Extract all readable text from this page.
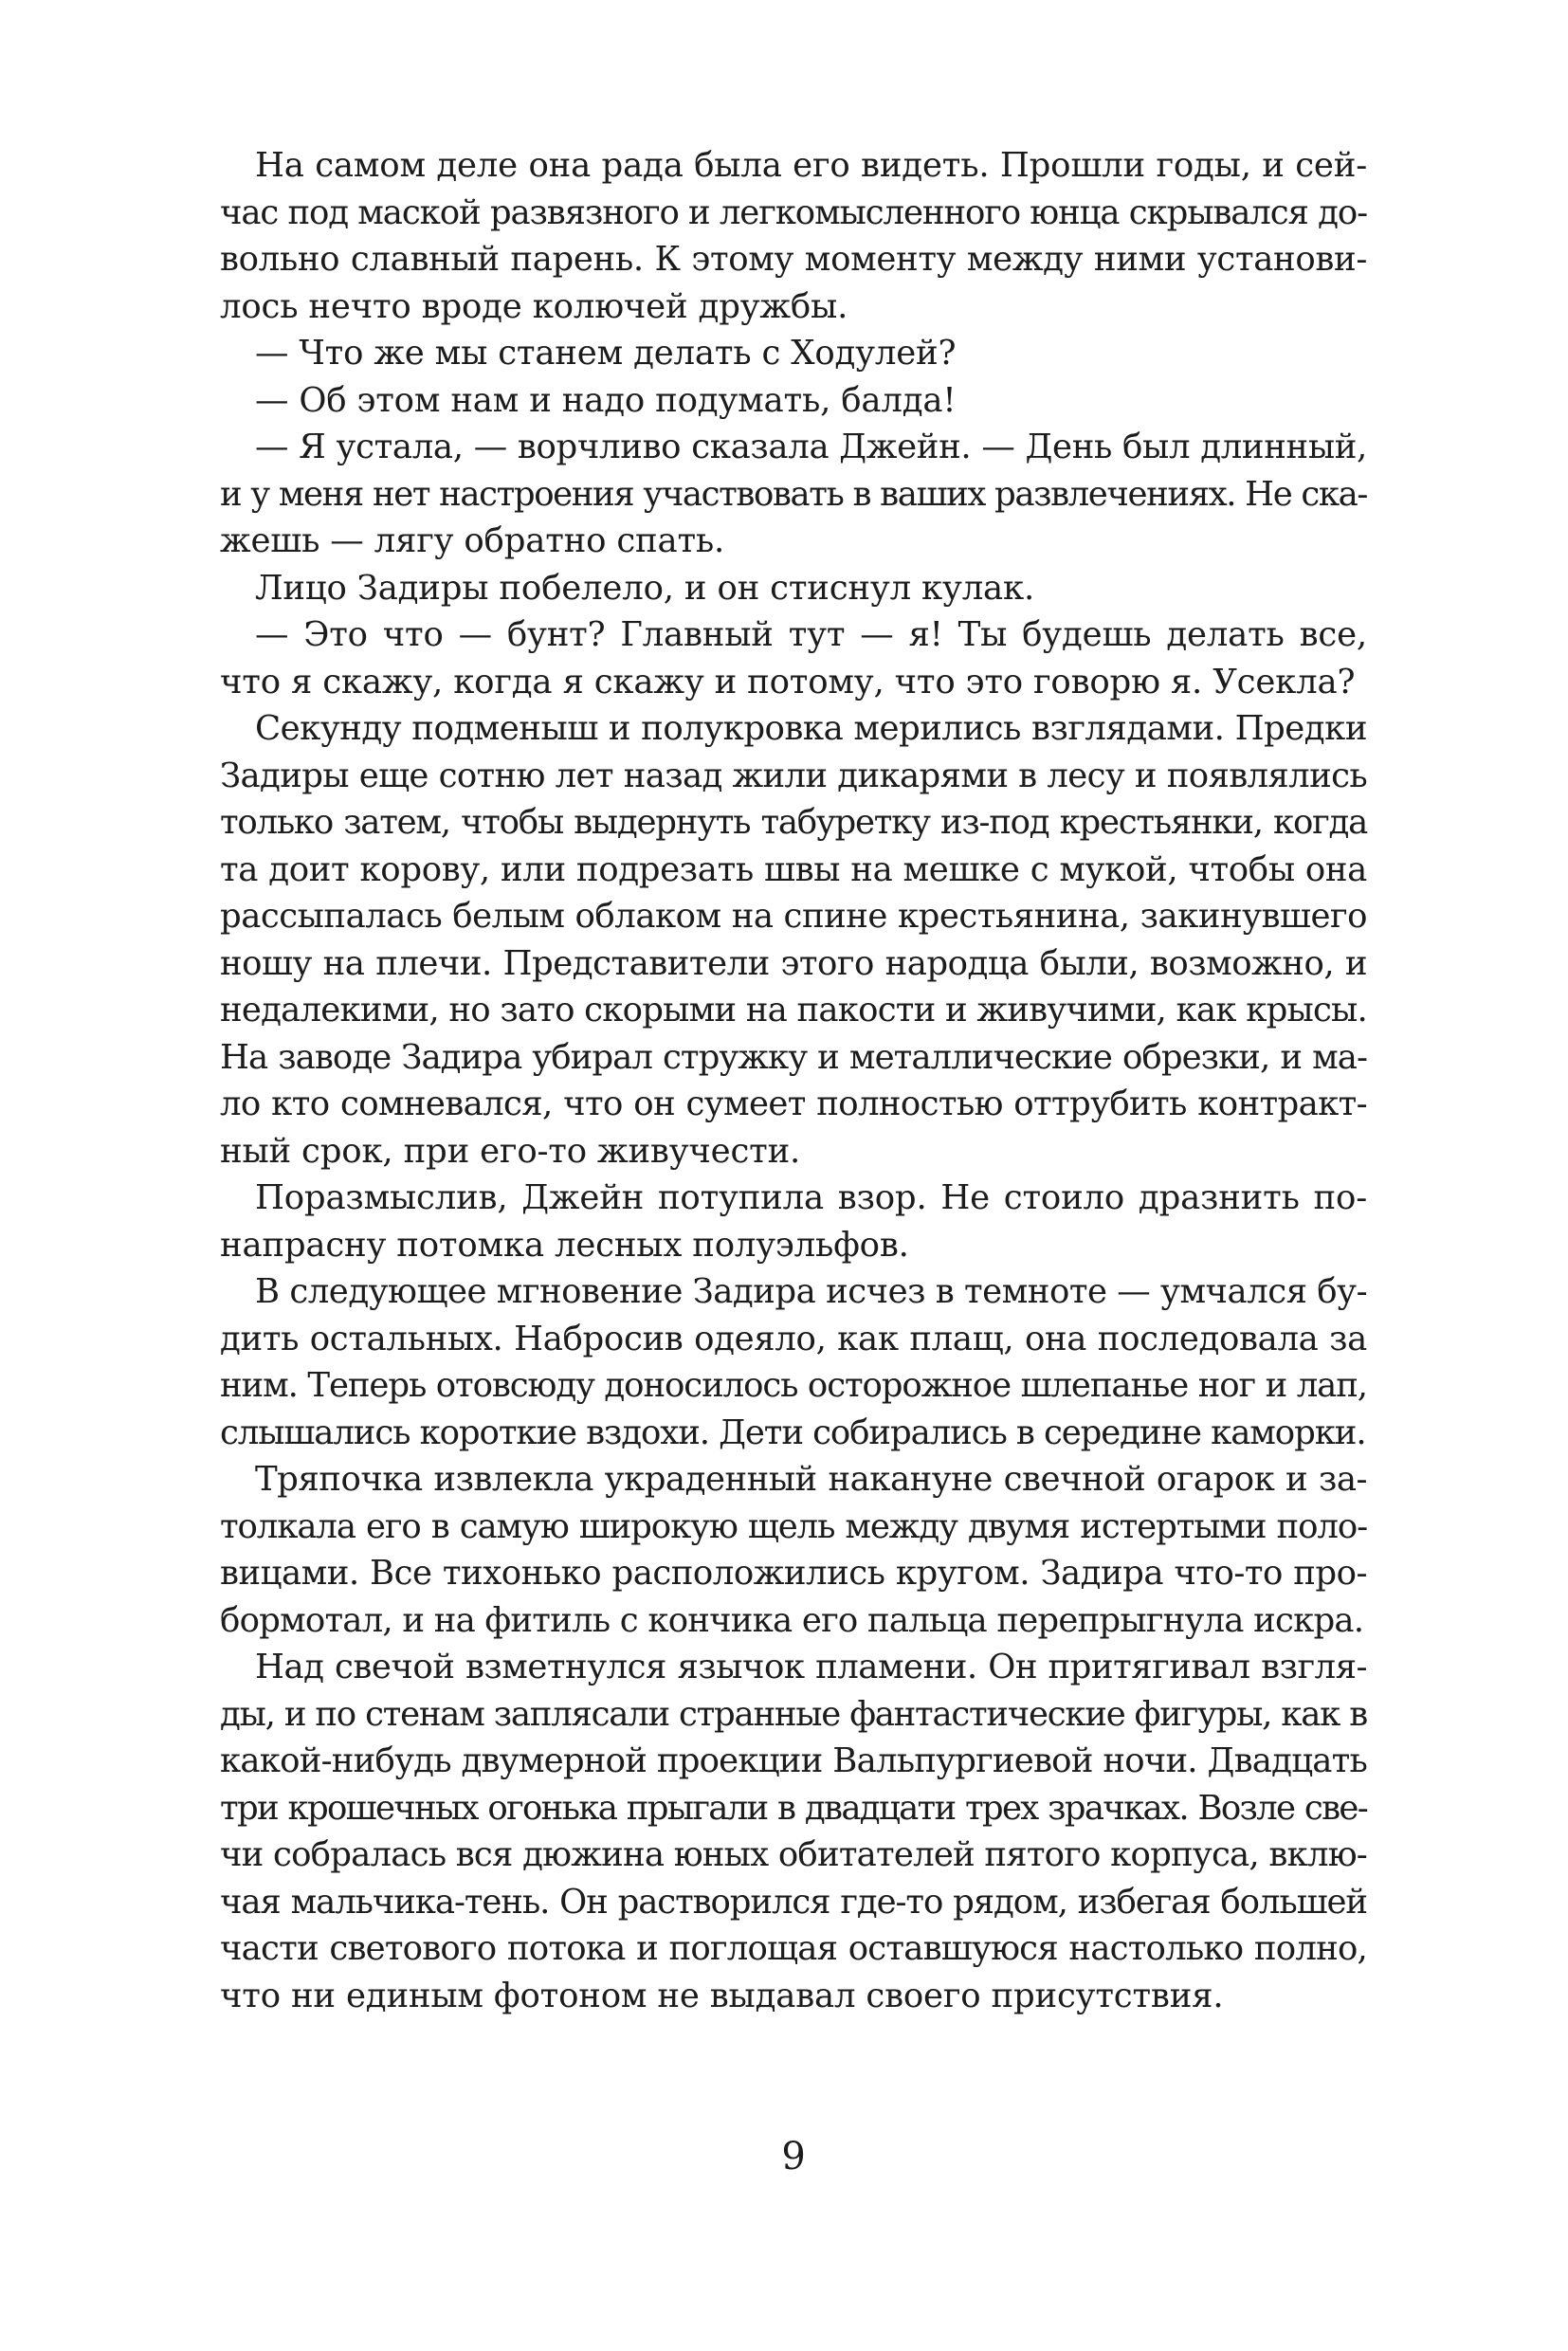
На самом деле она рада была его видеть. Прошли годы, и сей-
час под маской развязного и легкомысленного юнца скрывался до-
вольно славный парень. К этому моменту между ними установи-
лось нечто вроде колючей дружбы.

— Что же мы станем делать с Ходулей?

— Об этом нам и надо подумать, балда!

— Я устала, — ворчливо сказала Джейн. — День был длинный,
и у меня нет настроения участвовать в ваших развлечениях. Не ска-
жешь — лягу обратно спать.

Лицо Задиры побелело, и он стиснул кулак.

— Это что — бунт? Главный тут — я! Ты будешь делать все,
что я скажу, когда я скажу и потому, что это говорю я. Усекла?

Секунду подменыш и полукровка мерились взглядами. Предки
Задиры еще сотню лет назад жили дикарями в лесу и появлялись
только затем, чтобы выдернуть табуретку из-под крестьянки, когда
та доит корову, или подрезать швы на мешке с мукой, чтобы она
рассыпалась белым облаком на спине крестьянина, закинувшего
ношу на плечи. Представители этого народца были, возможно, и
недалекими, но зато скорыми на пакости и живучими, как крысы.
На заводе Задира убирал стружку и металлические обрезки, и ма-
ло кто сомневался, что он сумеет полностью оттрубить контракт-
ный срок, при его-то живучести.

Поразмыслив, Джейн потупила взор. Не стоило дразнить по-
напрасну потомка лесных полуэльфов.

В следующее мгновение Задира исчез в темноте — умчался бу-
дить остальных. Набросив одеяло, как плащ, она последовала за
ним. Теперь отовсюду доносилось осторожное шлепанье ног и лап,
слышались короткие вздохи. Дети собирались в середине каморки.

Тряпочка извлекла украденный накануне свечной огарок и за-
толкала его в самую широкую щель между двумя истертыми поло-
вицами. Все тихонько расположились кругом. Задира что-то про-
бормотал, и на фитиль с кончика его пальца перепрыгнула искра.

Над свечой взметнулся язычок пламени. Он притягивал взгля-
ды, и по стенам заплясали странные фантастические фигуры, как в
какой-нибудь двумерной проекции Вальпургиевой ночи. Двадцать
три крошечных огонька прыгали в двадцати трех зрачках. Возле све-
чи собралась вся дюжина юных обитателей пятого корпуса, вклю-
чая мальчика-тень. Он растворился где-то рядом, избегая большей
части светового потока и поглощая оставшуюся настолько полно,
что ни единым фотоном не выдавал своего присутствия.

9
